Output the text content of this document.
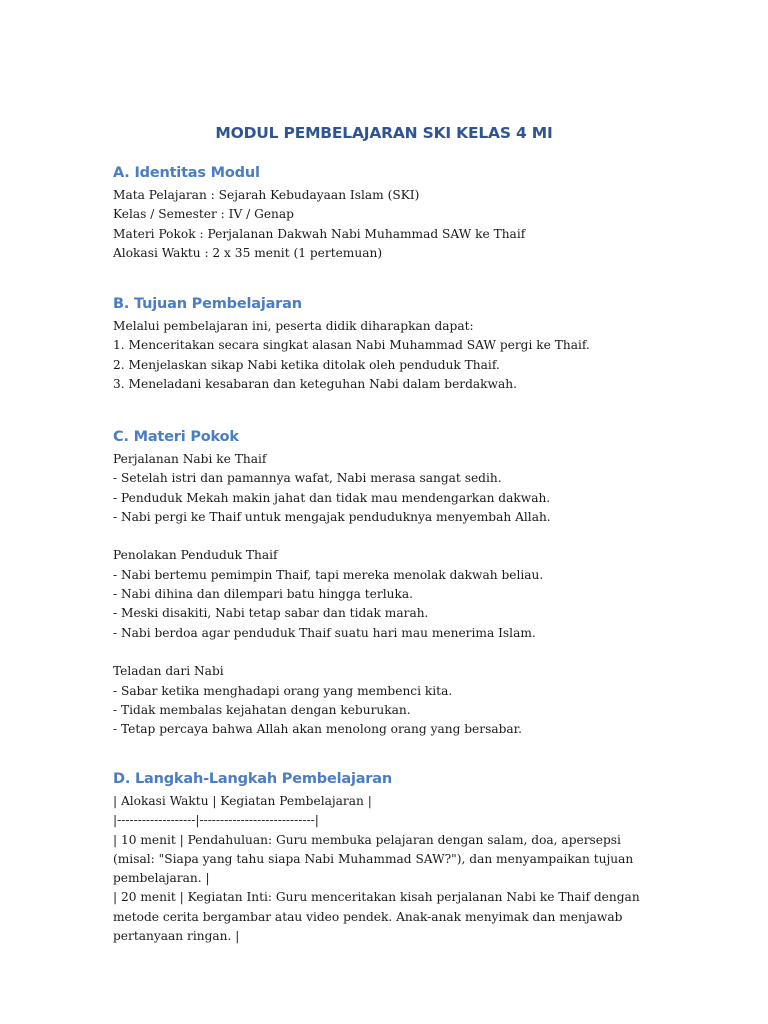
MODUL PEMBELAJARAN SKI KELAS 4 MI
A. Identitas Modul

Mata Pelajaran : Sejarah Kebudayaan Islam (SKI)

Kelas / Semester : IV / Genap

Materi Pokok : Perjalanan Dakwah Nabi Muhammad SAW ke Thaif

Alokasi Waktu : 2 x 35 menit (1 pertemuan)

B. Tujuan Pembelajaran

Melalui pembelajaran ini, peserta didik diharapkan dapat:

1. Menceritakan secara singkat alasan Nabi Muhammad SAW pergi ke Thaif.

2. Menjelaskan sikap Nabi ketika ditolak oleh penduduk Thaif.

3. Meneladani kesabaran dan keteguhan Nabi dalam berdakwah.

C. Materi Pokok

Perjalanan Nabi ke Thaif

- Setelah istri dan pamannya wafat, Nabi merasa sangat sedih.

- Penduduk Mekah makin jahat dan tidak mau mendengarkan dakwah.

- Nabi pergi ke Thaif untuk mengajak penduduknya menyembah Allah.

Penolakan Penduduk Thaif

- Nabi bertemu pemimpin Thaif, tapi mereka menolak dakwah beliau.

- Nabi dihina dan dilempari batu hingga terluka.

- Meski disakiti, Nabi tetap sabar dan tidak marah.

- Nabi berdoa agar penduduk Thaif suatu hari mau menerima Islam.

Teladan dari Nabi

- Sabar ketika menghadapi orang yang membenci kita.

- Tidak membalas kejahatan dengan keburukan.

- Tetap percaya bahwa Allah akan menolong orang yang bersabar.

D. Langkah-Langkah Pembelajaran

| Alokasi Waktu | Kegiatan Pembelajaran |

|-------------------|----------------------------|

| 10 menit | Pendahuluan: Guru membuka pelajaran dengan salam, doa, apersepsi (misal: "Siapa yang tahu siapa Nabi Muhammad SAW?"), dan menyampaikan tujuan pembelajaran. |

| 20 menit | Kegiatan Inti: Guru menceritakan kisah perjalanan Nabi ke Thaif dengan metode cerita bergambar atau video pendek. Anak-anak menyimak dan menjawab pertanyaan ringan. |
